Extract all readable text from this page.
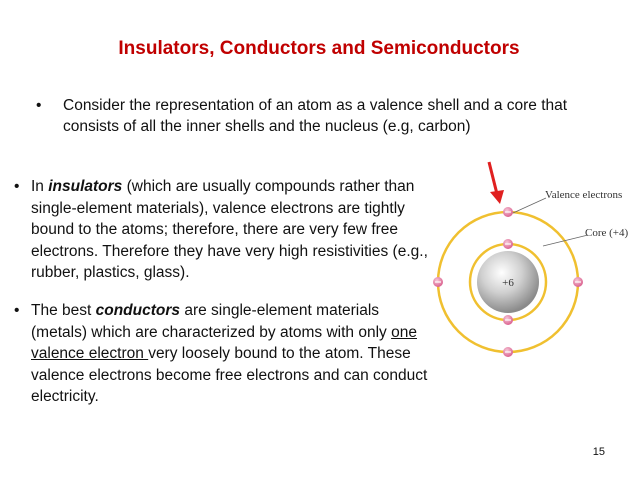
Insulators, Conductors and Semiconductors
• Consider the representation of an atom as a valence shell and a core that consists of all the inner shells and the nucleus (e.g, carbon)
• In insulators (which are usually compounds rather than single-element materials), valence electrons are tightly bound to the atoms; therefore, there are very few free electrons. Therefore they have very high resistivities (e.g., rubber, plastics, glass).
• The best conductors are single-element materials (metals) which are characterized by atoms with only one valence electron very loosely bound to the atom. These valence electrons become free electrons and can conduct electricity.
+6
Valence electrons
Core (+4)
15
